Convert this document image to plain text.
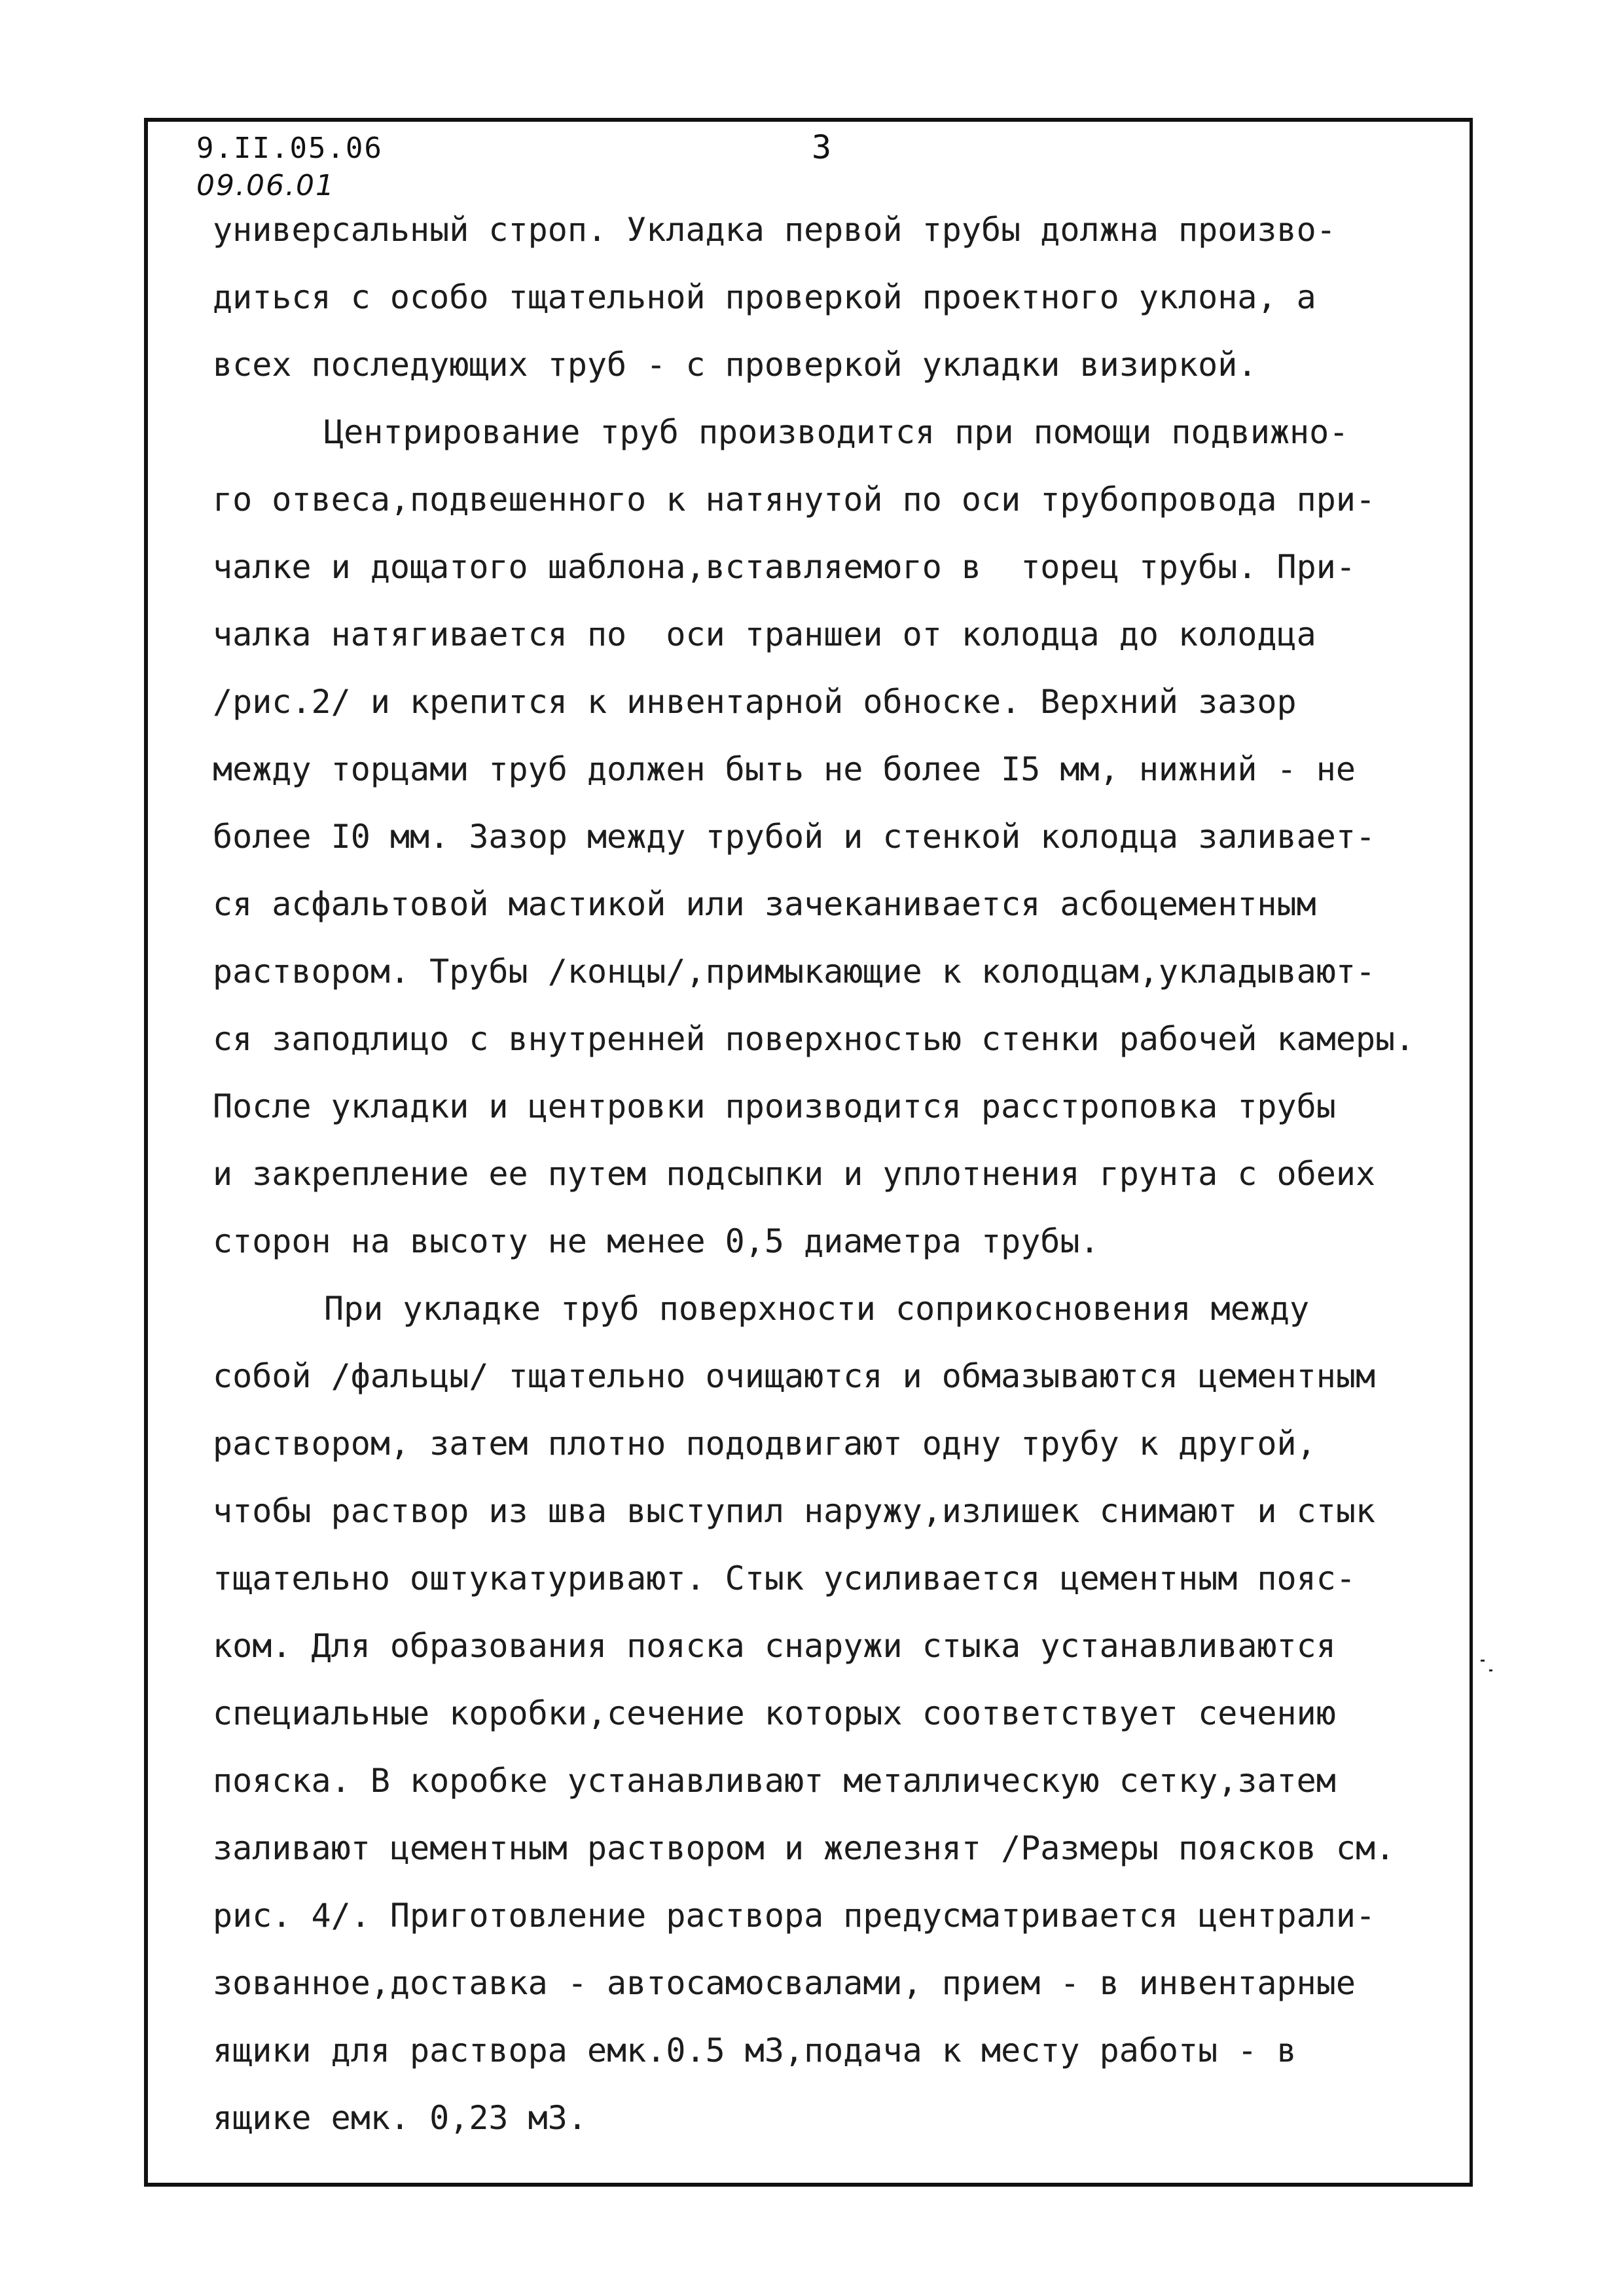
9.II.05.06
09.06.01
3
универсальный строп. Укладка первой трубы должна произво-
диться с особо тщательной проверкой проектного уклона, а
всех последующих труб - с проверкой укладки визиркой.
Центрирование труб производится при помощи подвижно-
го отвеса,подвешенного к натянутой по оси трубопровода при-
чалке и дощатого шаблона,вставляемого в  торец трубы. При-
чалка натягивается по  оси траншеи от колодца до колодца
/рис.2/ и крепится к инвентарной обноске. Верхний зазор
между торцами труб должен быть не более I5 мм, нижний - не
более I0 мм. Зазор между трубой и стенкой колодца заливает-
ся асфальтовой мастикой или зачеканивается асбоцементным
раствором. Трубы /концы/,примыкающие к колодцам,укладывают-
ся заподлицо с внутренней поверхностью стенки рабочей камеры.
После укладки и центровки производится расстроповка трубы
и закрепление ее путем подсыпки и уплотнения грунта с обеих
сторон на высоту не менее 0,5 диаметра трубы.
При укладке труб поверхности соприкосновения между
собой /фальцы/ тщательно очищаются и обмазываются цементным
раствором, затем плотно пододвигают одну трубу к другой,
чтобы раствор из шва выступил наружу,излишек снимают и стык
тщательно оштукатуривают. Стык усиливается цементным пояс-
ком. Для образования пояска снаружи стыка устанавливаются
специальные коробки,сечение которых соответствует сечению
пояска. В коробке устанавливают металлическую сетку,затем
заливают цементным раствором и железнят /Размеры поясков см.
рис. 4/. Приготовление раствора предусматривается централи-
зованное,доставка - автосамосвалами, прием - в инвентарные
ящики для раствора емк.0.5 м3,подача к месту работы - в
ящике емк. 0,23 м3.
